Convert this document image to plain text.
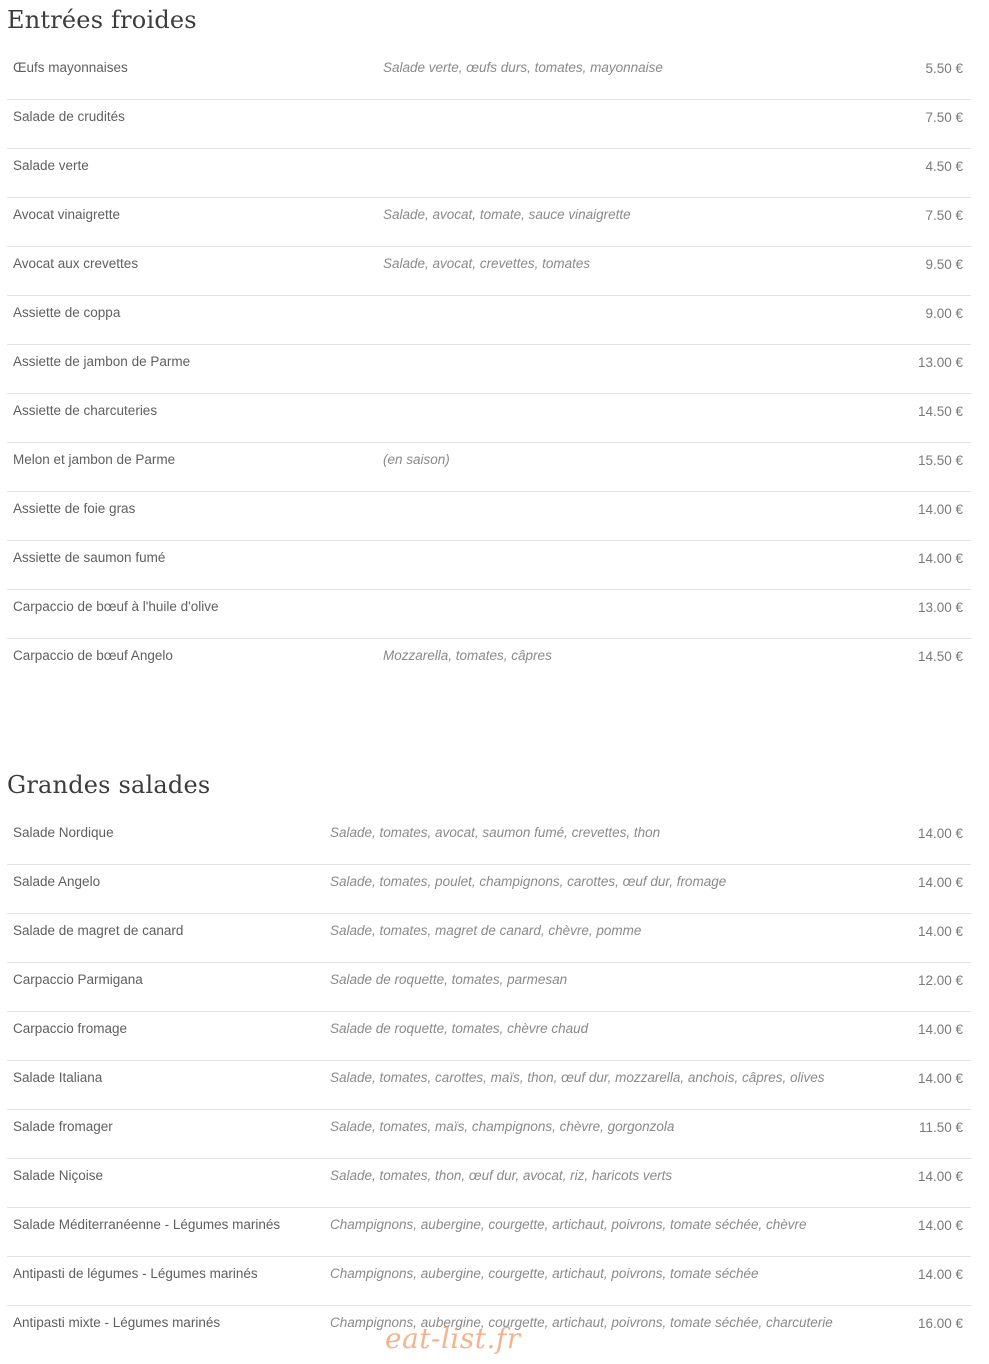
Entrées froides
Œufs mayonnaises	Salade verte, œufs durs, tomates, mayonnaise	5.50 €
Salade de crudités	7.50 €
Salade verte	4.50 €
Avocat vinaigrette	Salade, avocat, tomate, sauce vinaigrette	7.50 €
Avocat aux crevettes	Salade, avocat, crevettes, tomates	9.50 €
Assiette de coppa	9.00 €
Assiette de jambon de Parme	13.00 €
Assiette de charcuteries	14.50 €
Melon et jambon de Parme	(en saison)	15.50 €
Assiette de foie gras	14.00 €
Assiette de saumon fumé	14.00 €
Carpaccio de bœuf à l'huile d'olive	13.00 €
Carpaccio de bœuf Angelo	Mozzarella, tomates, câpres	14.50 €
Grandes salades
Salade Nordique	Salade, tomates, avocat, saumon fumé, crevettes, thon	14.00 €
Salade Angelo	Salade, tomates, poulet, champignons, carottes, œuf dur, fromage	14.00 €
Salade de magret de canard	Salade, tomates, magret de canard, chèvre, pomme	14.00 €
Carpaccio Parmigana	Salade de roquette, tomates, parmesan	12.00 €
Carpaccio fromage	Salade de roquette, tomates, chèvre chaud	14.00 €
Salade Italiana	Salade, tomates, carottes, maïs, thon, œuf dur, mozzarella, anchois, câpres, olives	14.00 €
Salade fromager	Salade, tomates, maïs, champignons, chèvre, gorgonzola	11.50 €
Salade Niçoise	Salade, tomates, thon, œuf dur, avocat, riz, haricots verts	14.00 €
Salade Méditerranéenne - Légumes marinés	Champignons, aubergine, courgette, artichaut, poivrons, tomate séchée, chèvre	14.00 €
Antipasti de légumes - Légumes marinés	Champignons, aubergine, courgette, artichaut, poivrons, tomate séchée	14.00 €
Antipasti mixte - Légumes marinés	Champignons, aubergine, courgette, artichaut, poivrons, tomate séchée, charcuterie	16.00 €
eat-list.fr
